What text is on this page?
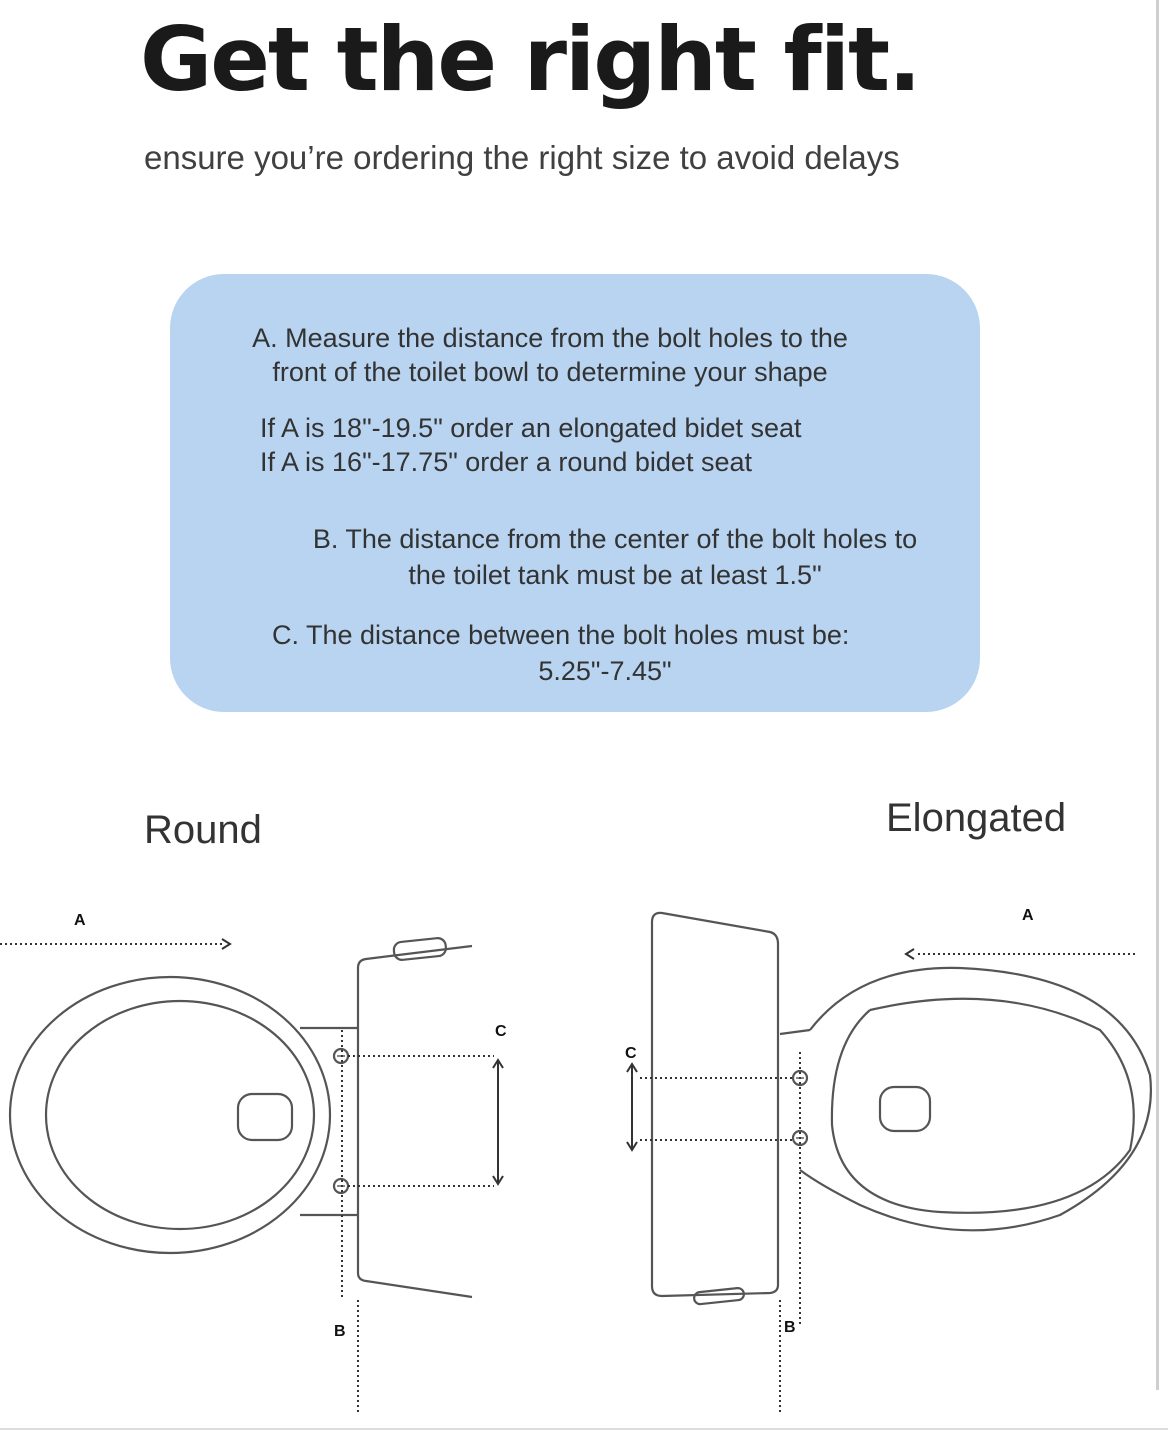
Get the right fit.

ensure you’re ordering the right size to avoid delays

A. Measure the distance from the bolt holes to the

front of the toilet bowl to determine your shape

If A is 18"-19.5" order an elongated bidet seat

If A is 16"-17.75" order a round bidet seat

B. The distance from the center of the bolt holes to

the toilet tank must be at least 1.5"

C. The distance between the bolt holes must be:

5.25"-7.45"

Round	Elongated
A
C
B
A
C
B
